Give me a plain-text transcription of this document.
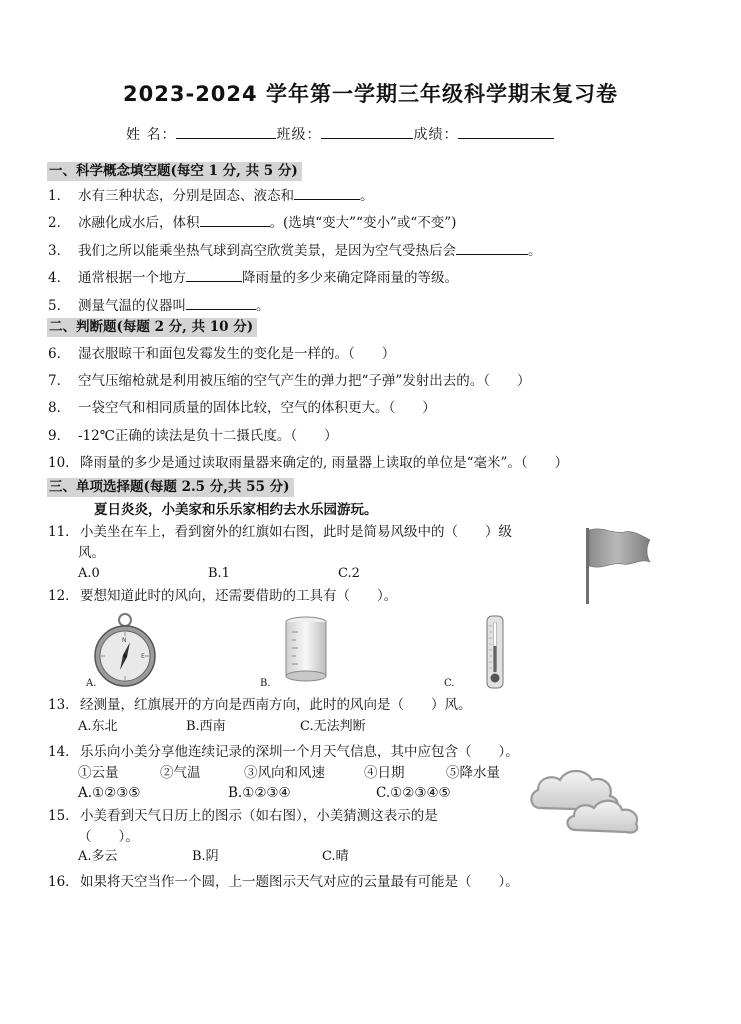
2023-2024 学年第一学期三年级科学期末复习卷
姓 名：	班级：	成绩：
一、科学概念填空题(每空 1 分, 共 5 分)
1． 水有三种状态，分别是固态、液态和	。
2． 冰融化成水后，体积	。(选填“变大”“变小”或“不变”)
3． 我们之所以能乘坐热气球到高空欣赏美景，是因为空气受热后会	。
4． 通常根据一个地方	降雨量的多少来确定降雨量的等级。
5． 测量气温的仪器叫	。
二、判断题(每题 2 分, 共 10 分)
6． 湿衣服晾干和面包发霉发生的变化是一样的。（　　）
7． 空气压缩枪就是利用被压缩的空气产生的弹力把“子弹”发射出去的。（　　）
8． 一袋空气和相同质量的固体比较，空气的体积更大。（　　）
9． -12℃正确的读法是负十二摄氏度。（　　）
10．降雨量的多少是通过读取雨量器来确定的, 雨量器上读取的单位是“毫米”。（　　）
三、单项选择题(每题 2.5 分,共 55 分)
夏日炎炎，小美家和乐乐家相约去水乐园游玩。
11．小美坐在车上，看到窗外的红旗如右图，此时是简易风级中的（　　）级
风。
A.0	B.1	C.2
12．要想知道此时的风向，还需要借助的工具有（　　）。
N
E
A.	B.	C.
13．经测量，红旗展开的方向是西南方向，此时的风向是（　　）风。
A.东北	B.西南	C.无法判断
14．乐乐向小美分享他连续记录的深圳一个月天气信息，其中应包含（　　）。
①云量	②气温	③风向和风速	④日期	⑤降水量
A.①②③⑤	B.①②③④	C.①②③④⑤
15．小美看到天气日历上的图示（如右图），小美猜测这表示的是
（　　）。
A.多云	B.阴	C.晴
16．如果将天空当作一个圆，上一题图示天气对应的云量最有可能是（　　）。
